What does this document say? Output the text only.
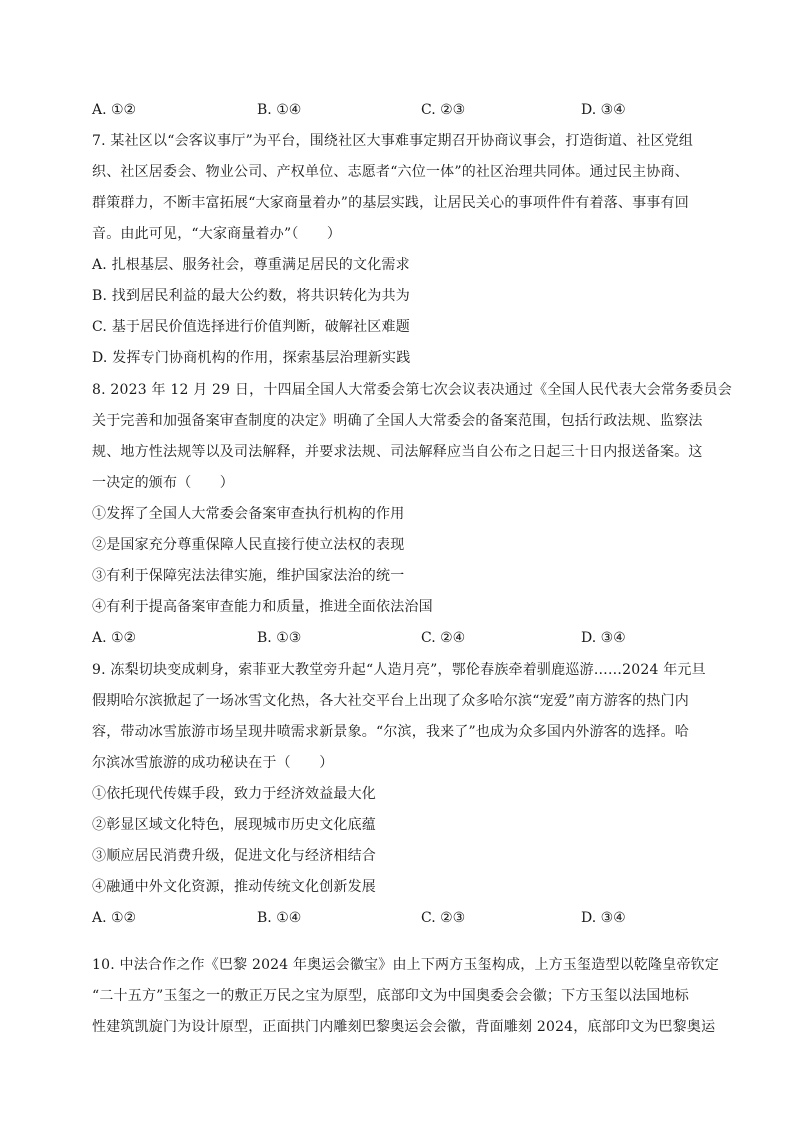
A. ①②	B. ①④	C. ②③	D. ③④
7. 某社区以“会客议事厅”为平台，围绕社区大事难事定期召开协商议事会，打造街道、社区党组
织、社区居委会、物业公司、产权单位、志愿者“六位一体”的社区治理共同体。通过民主协商、
群策群力，不断丰富拓展“大家商量着办”的基层实践，让居民关心的事项件件有着落、事事有回
音。由此可见，“大家商量着办”（　　）
A. 扎根基层、服务社会，尊重满足居民的文化需求
B. 找到居民利益的最大公约数，将共识转化为共为
C. 基于居民价值选择进行价值判断，破解社区难题
D. 发挥专门协商机构的作用，探索基层治理新实践
8. 2023 年 12 月 29 日，十四届全国人大常委会第七次会议表决通过《全国人民代表大会常务委员会
关于完善和加强备案审查制度的决定》明确了全国人大常委会的备案范围，包括行政法规、监察法
规、地方性法规等以及司法解释，并要求法规、司法解释应当自公布之日起三十日内报送备案。这
一决定的颁布（　　）
①发挥了全国人大常委会备案审查执行机构的作用
②是国家充分尊重保障人民直接行使立法权的表现
③有利于保障宪法法律实施，维护国家法治的统一
④有利于提高备案审查能力和质量，推进全面依法治国
A. ①②	B. ①③	C. ②④	D. ③④
9. 冻梨切块变成刺身，索菲亚大教堂旁升起“人造月亮”，鄂伦春族牵着驯鹿巡游……2024 年元旦
假期哈尔滨掀起了一场冰雪文化热，各大社交平台上出现了众多哈尔滨“宠爱”南方游客的热门内
容，带动冰雪旅游市场呈现井喷需求新景象。“尔滨，我来了”也成为众多国内外游客的选择。哈
尔滨冰雪旅游的成功秘诀在于（　　）
①依托现代传媒手段，致力于经济效益最大化
②彰显区域文化特色，展现城市历史文化底蕴
③顺应居民消费升级，促进文化与经济相结合
④融通中外文化资源，推动传统文化创新发展
A. ①②	B. ①④	C. ②③	D. ③④
10. 中法合作之作《巴黎 2024 年奥运会徽宝》由上下两方玉玺构成，上方玉玺造型以乾隆皇帝钦定
“二十五方”玉玺之一的敷正万民之宝为原型，底部印文为中国奥委会会徽；下方玉玺以法国地标
性建筑凯旋门为设计原型，正面拱门内雕刻巴黎奥运会会徽，背面雕刻 2024，底部印文为巴黎奥运
